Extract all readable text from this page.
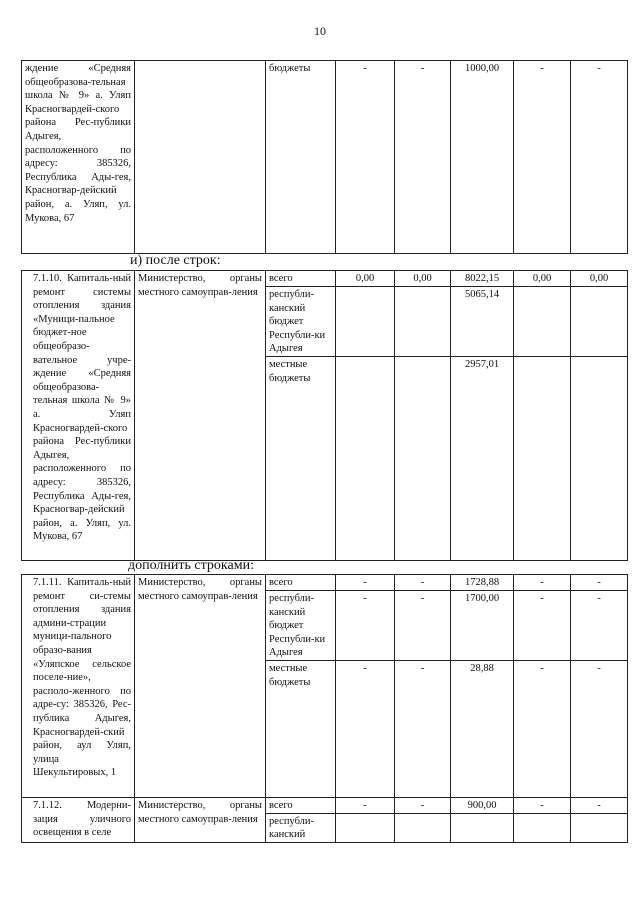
10
ждение «Средняя общеобразова-тельная школа № 9» а. Уляп Красногвардей-ского района Рес-публики Адыгея, расположенного по адресу: 385326, Республика Ады-гея, Красногвар-дейский район, а. Уляп, ул. Мукова, 67		бюджеты	-	-	1000,00	-	-
и) после строк:
7.1.10. Капиталь-ный ремонт системы отопления здания «Муници-пальное бюджет-ное общеобразо-вательное учре-ждение «Средняя общеобразова-тельная школа № 9» а. Уляп Красногвардей-ского района Рес-публики Адыгея, расположенного по адресу: 385326, Республика Ады-гея, Красногвар-дейский район, а. Уляп, ул. Мукова, 67	Министерство, органы местного самоуправ-ления	всего	0,00	0,00	8022,15	0,00	0,00
		республи-канский бюджет Республи-ки Адыгея			5065,14		
		местные бюджеты			2957,01		
дополнить строками:
7.1.11. Капиталь-ный ремонт си-стемы отопления здания админи-страции муници-пального образо-вания «Уляпское сельское поселе-ние», располо-женного по адре-су: 385326, Рес-публика Адыгея, Красногвардей-ский район, аул Уляп, улица Шекультировых, 1	Министерство, органы местного самоуправ-ления	всего	-	-	1728,88	-	-
		республи-канский бюджет Республи-ки Адыгея	-	-	1700,00	-	-
		местные бюджеты	-	-	28,88	-	-
7.1.12. Модерни-зация уличного освещения в селе	Министерство, органы местного самоуправ-ления	всего	-	-	900,00	-	-
		республи-канский					
